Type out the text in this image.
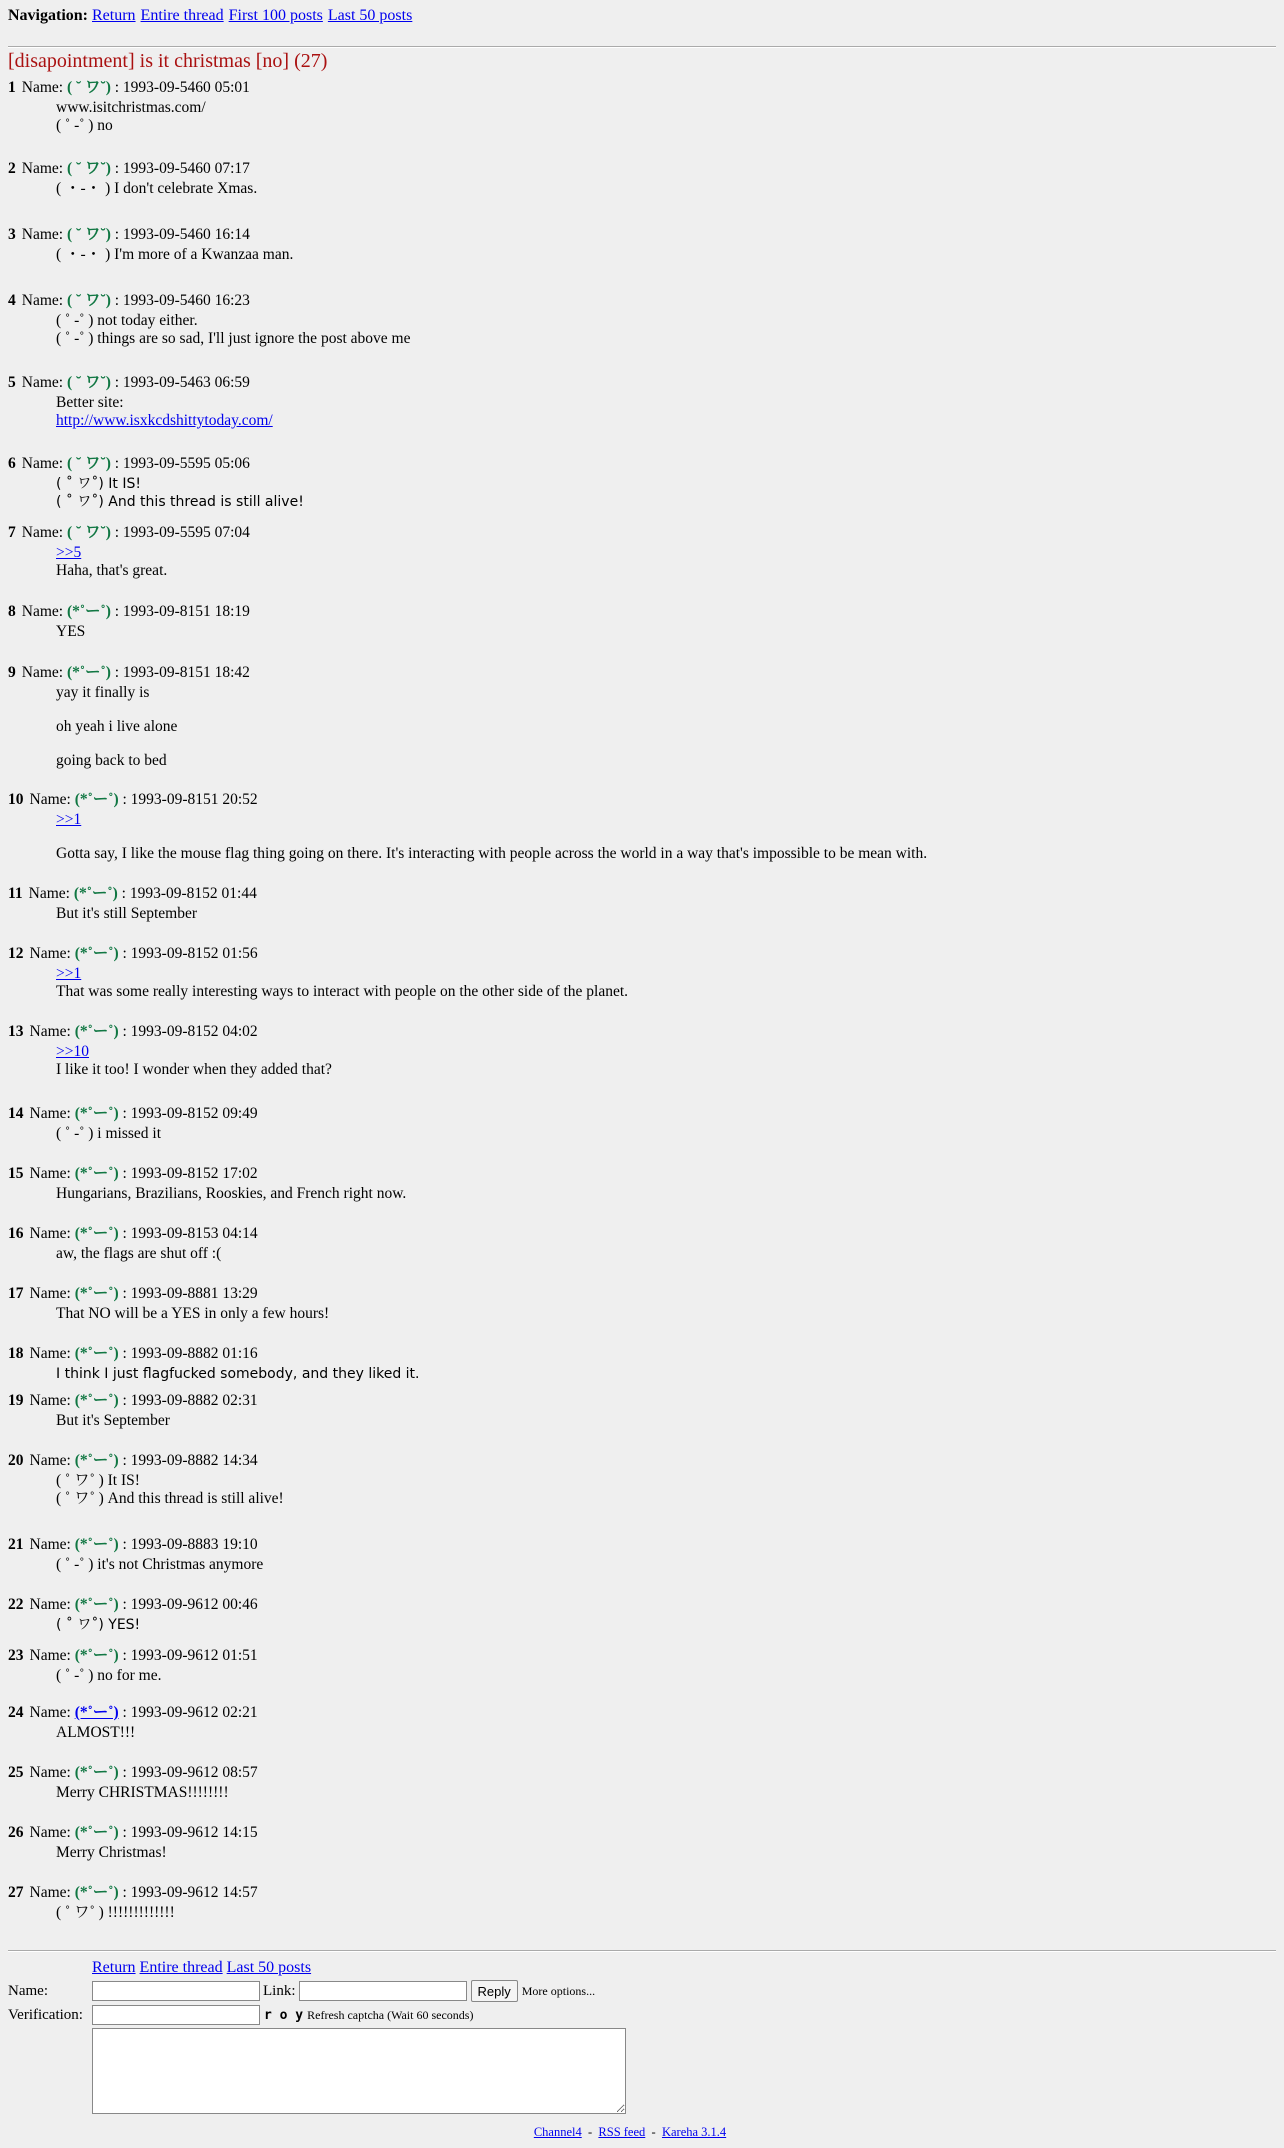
Navigation: Return Entire thread First 100 posts Last 50 posts
[disapointment] is it christmas [no] (27)
1 Name: ( ˘ ワ˘) : 1993-09-5460 05:01

www.isitchristmas.com/

( ˚ -˚ ) no

2 Name: ( ˘ ワ˘) : 1993-09-5460 07:17

( ・-・ ) I don't celebrate Xmas.

3 Name: ( ˘ ワ˘) : 1993-09-5460 16:14

( ・-・ ) I'm more of a Kwanzaa man.

4 Name: ( ˘ ワ˘) : 1993-09-5460 16:23

( ˚ -˚ ) not today either.

( ˚ -˚ ) things are so sad, I'll just ignore the post above me

5 Name: ( ˘ ワ˘) : 1993-09-5463 06:59

Better site:

http://www.isxkcdshittytoday.com/
6 Name: ( ˘ ワ˘) : 1993-09-5595 05:06

( ˚ ワ˚) It IS!

( ˚ ワ˚) And this thread is still alive!

7 Name: ( ˘ ワ˘) : 1993-09-5595 07:04
>>5

Haha, that's great.

8 Name: (*˚ー˚) : 1993-09-8151 18:19

YES

9 Name: (*˚ー˚) : 1993-09-8151 18:42

yay it finally is

oh yeah i live alone

going back to bed

10 Name: (*˚ー˚) : 1993-09-8151 20:52
>>1

Gotta say, I like the mouse flag thing going on there. It's interacting with people across the world in a way that's impossible to be mean with.

11 Name: (*˚ー˚) : 1993-09-8152 01:44

But it's still September

12 Name: (*˚ー˚) : 1993-09-8152 01:56
>>1

That was some really interesting ways to interact with people on the other side of the planet.

13 Name: (*˚ー˚) : 1993-09-8152 04:02
>>10

I like it too! I wonder when they added that?

14 Name: (*˚ー˚) : 1993-09-8152 09:49

( ˚ -˚ ) i missed it

15 Name: (*˚ー˚) : 1993-09-8152 17:02

Hungarians, Brazilians, Rooskies, and French right now.

16 Name: (*˚ー˚) : 1993-09-8153 04:14

aw, the flags are shut off :(

17 Name: (*˚ー˚) : 1993-09-8881 13:29

That NO will be a YES in only a few hours!

18 Name: (*˚ー˚) : 1993-09-8882 01:16

I think I just flagfucked somebody, and they liked it.

19 Name: (*˚ー˚) : 1993-09-8882 02:31

But it's September

20 Name: (*˚ー˚) : 1993-09-8882 14:34

( ˚ ワ˚ ) It IS!

( ˚ ワ˚ ) And this thread is still alive!

21 Name: (*˚ー˚) : 1993-09-8883 19:10

( ˚ -˚ ) it's not Christmas anymore

22 Name: (*˚ー˚) : 1993-09-9612 00:46

( ˚ ワ˚) YES!

23 Name: (*˚ー˚) : 1993-09-9612 01:51

( ˚ -˚ ) no for me.

24 Name: (*˚ー˚) : 1993-09-9612 02:21

ALMOST!!!

25 Name: (*˚ー˚) : 1993-09-9612 08:57

Merry CHRISTMAS!!!!!!!!

26 Name: (*˚ー˚) : 1993-09-9612 14:15

Merry Christmas!

27 Name: (*˚ー˚) : 1993-09-9612 14:57

( ˚ ワ˚ ) !!!!!!!!!!!!!

Return Entire thread Last 50 posts
Name:	Link:	Reply More options...
Verification:	r o y Refresh captcha (Wait 60 seconds)
Channel4 - RSS feed - Kareha 3.1.4
